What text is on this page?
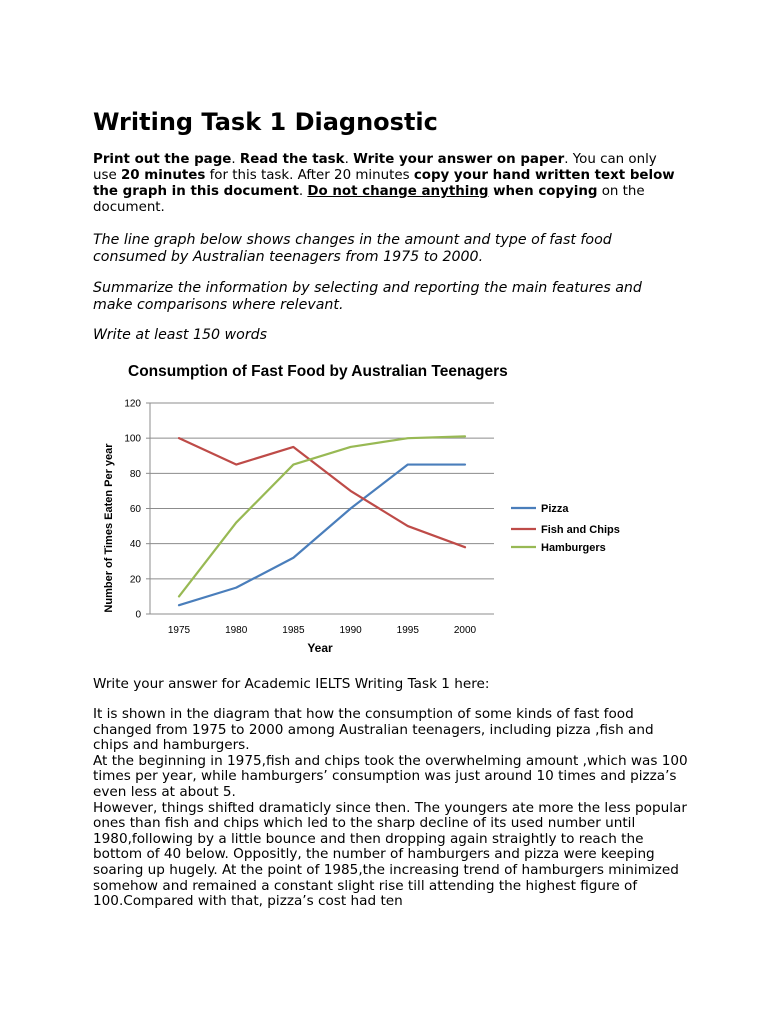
Writing Task 1 Diagnostic
Print out the page. Read the task. Write your answer on paper. You can only use 20 minutes for this task. After 20 minutes copy your hand written text below the graph in this document. Do not change anything when copying on the document.

The line graph below shows changes in the amount and type of fast food consumed by Australian teenagers from 1975 to 2000.

Summarize the information by selecting and reporting the main features and make comparisons where relevant.

Write at least 150 words

Consumption of Fast Food by Australian Teenagers
0
20
40
60
80
100
120
1975	1980	1985	1990	1995	2000
Pizza
Fish and Chips
Hamburgers
Number of Times Eaten Per year
Year
Write your answer for Academic IELTS Writing Task 1 here:
It is shown in the diagram that how the consumption of some kinds of fast food changed from 1975 to 2000 among Australian teenagers, including pizza ,fish and chips and hamburgers.
At the beginning in 1975,fish and chips took the overwhelming amount ,which was 100 times per year, while hamburgers’ consumption was just around 10 times and pizza’s even less at about 5.
However, things shifted dramaticly since then. The youngers ate more the less popular ones than fish and chips which led to the sharp decline of its used number until 1980,following by a little bounce and then dropping again straightly to reach the bottom of 40 below. Oppositly, the number of hamburgers and pizza were keeping soaring up hugely. At the point of 1985,the increasing trend of hamburgers minimized somehow and remained a constant slight rise till attending the highest figure of 100.Compared with that, pizza’s cost had ten
